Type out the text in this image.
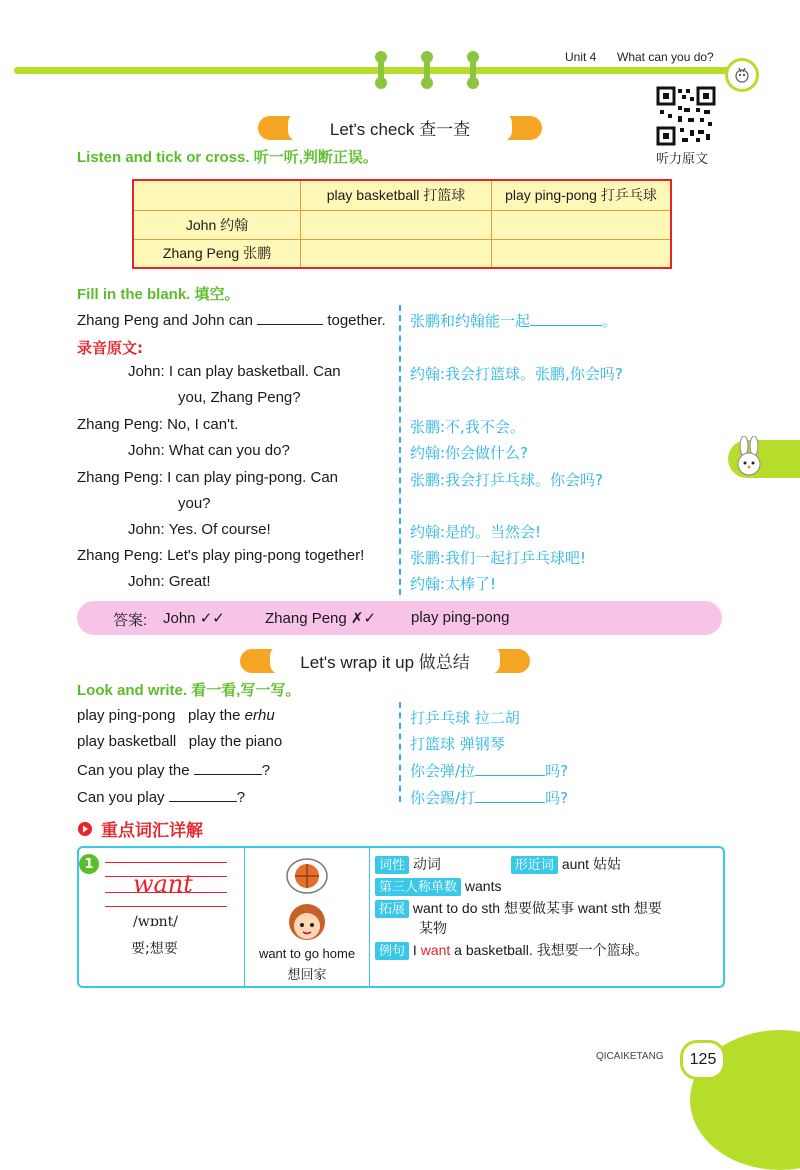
Unit 4 What can you do?
听力原文
Let's check 查一查
Listen and tick or cross. 听一听,判断正误。
	play basketball 打篮球	play ping-pong 打乒乓球
John 约翰		
Zhang Peng 张鹏		
Fill in the blank. 填空。
Zhang Peng and John can	together. 张鹏和约翰能一起	。
录音原文:
John: I can play basketball. Can
you, Zhang Peng?
约翰:我会打篮球。张鹏,你会吗?
Zhang Peng: No, I can't.	张鹏:不,我不会。
John: What can you do?	约翰:你会做什么?
Zhang Peng: I can play ping-pong. Can
you?
张鹏:我会打乒乓球。你会吗?
John: Yes. Of course!	约翰:是的。当然会!
Zhang Peng: Let's play ping-pong together!	张鹏:我们一起打乒乓球吧!
John: Great!	约翰:太棒了!
答案: John ✓✓	Zhang Peng ✗✓ play ping-pong
Let's wrap it up 做总结
Look and write. 看一看,写一写。
play ping-pong play the erhu	打乒乓球 拉二胡
play basketball play the piano	打篮球 弹钢琴
Can you play the	?	你会弹/拉	吗?
Can you play	?	你会踢/打	吗?
重点词汇详解
1
want
/wɒnt/
要;想要	want to go home
想回家
词性 动词	形近词 aunt 姑姑
第三人称单数 wants
拓展 want to do sth 想要做某事 want sth 想要
某物
例句 I want a basketball. 我想要一个篮球。
QICAIKETANG	125
